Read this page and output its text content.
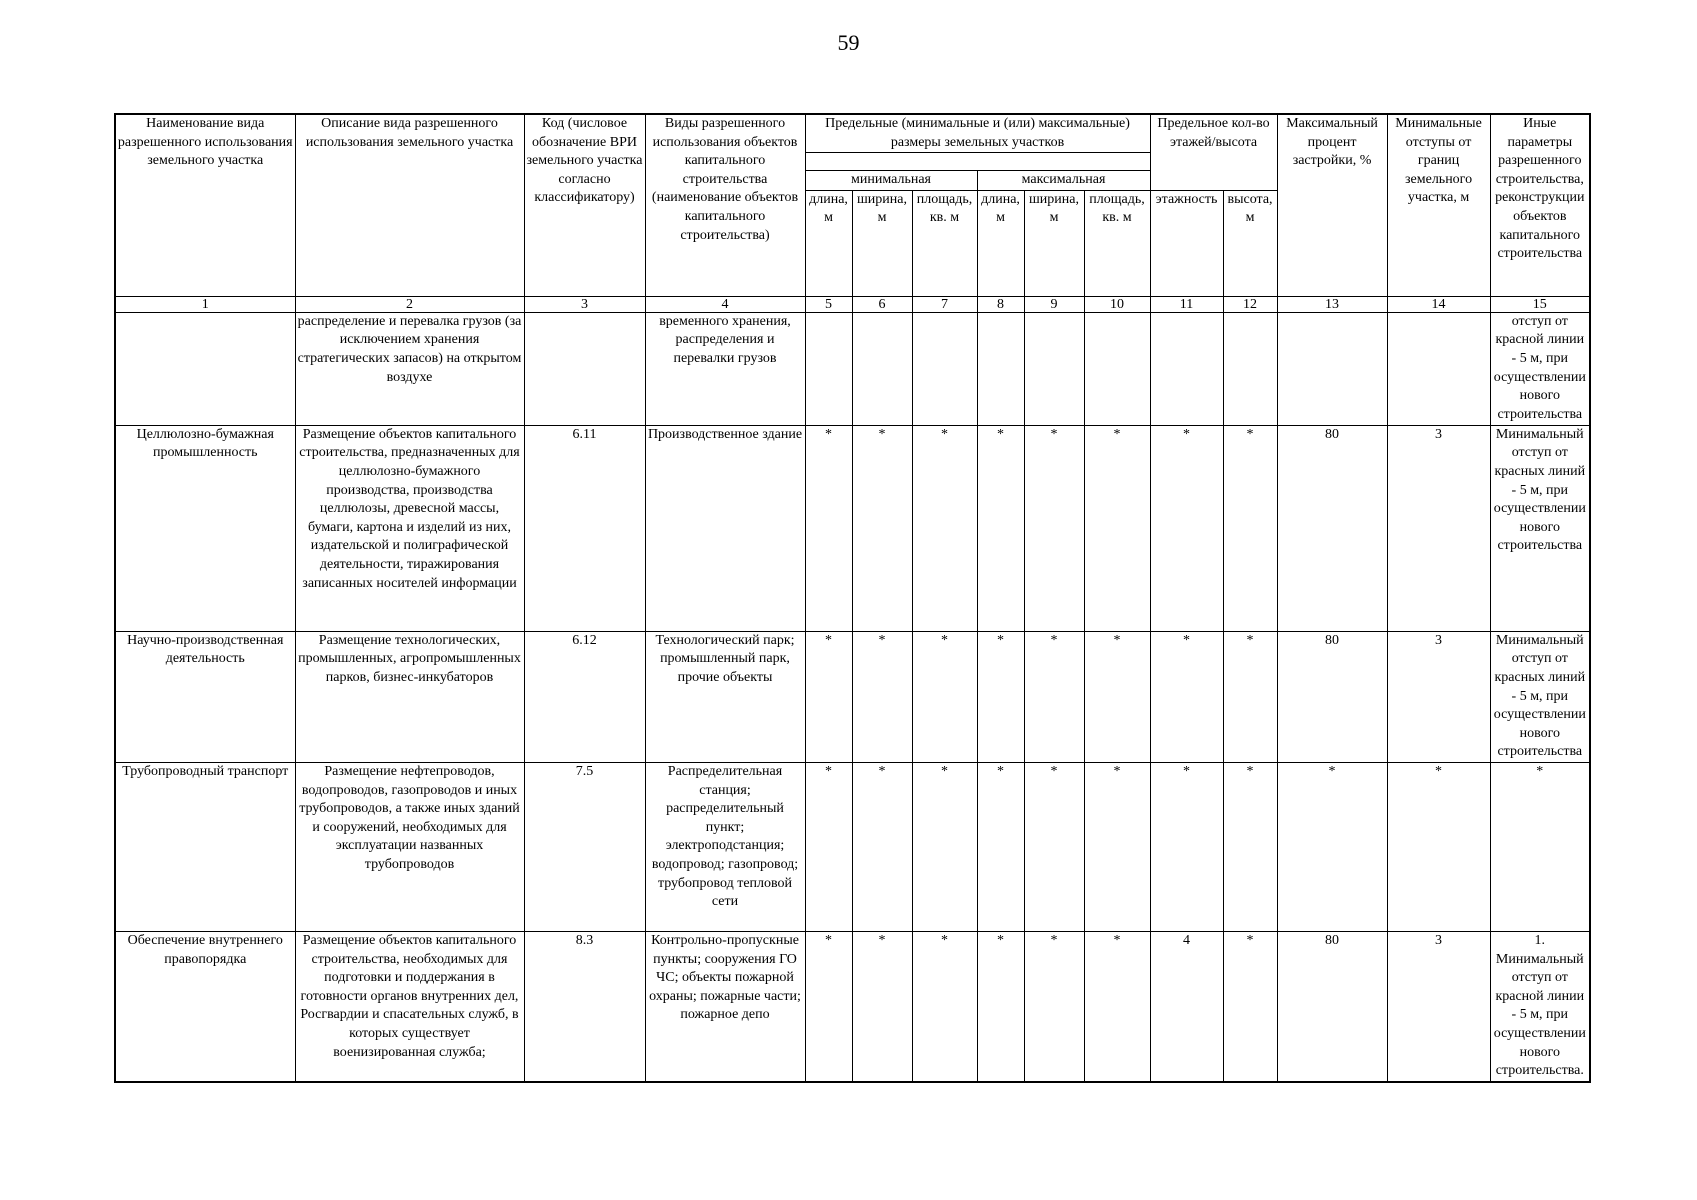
59
Наименование вида разрешенного использования земельного участка	Описание вида разрешенного использования земельного участка	Код (числовое обозначение ВРИ земельного участка согласно классификатору)	Виды разрешенного использования объектов капитального строительства (наименование объектов капитального строительства)	Предельные (минимальные и (или) максимальные) размеры земельных участков						Предельное кол-во этажей/высота		Максимальный процент застройки, %	Минимальные отступы от границ земельного участка, м	Иные параметры разрешенного строительства, реконструкции объектов капитального строительства

				минимальная			максимальная							
				длина, м	ширина, м	площадь, кв. м	длина, м	ширина, м	площадь, кв. м	этажность	высота, м			
1	2	3	4	5	6	7	8	9	10	11	12	13	14	15
	распределение и перевалка грузов (за исключением хранения стратегических запасов) на открытом воздухе		временного хранения, распределения и перевалки грузов											отступ от красной линии - 5 м, при осуществлении нового строительства
Целлюлозно-бумажная промышленность	Размещение объектов капитального строительства, предназначенных для целлюлозно-бумажного производства, производства целлюлозы, древесной массы, бумаги, картона и изделий из них, издательской и полиграфической деятельности, тиражирования записанных носителей информации	6.11	Производственное здание	*	*	*	*	*	*	*	*	80	3	Минимальный отступ от красных линий - 5 м, при осуществлении нового строительства
Научно-производственная деятельность	Размещение технологических, промышленных, агропромышленных парков, бизнес-инкубаторов	6.12	Технологический парк; промышленный парк, прочие объекты	*	*	*	*	*	*	*	*	80	3	Минимальный отступ от красных линий - 5 м, при осуществлении нового строительства
Трубопроводный транспорт	Размещение нефтепроводов, водопроводов, газопроводов и иных трубопроводов, а также иных зданий и сооружений, необходимых для эксплуатации названных трубопроводов	7.5	Распределительная станция; распределительный пункт; электроподстанция; водопровод; газопровод; трубопровод тепловой сети	*	*	*	*	*	*	*	*	*	*	*
Обеспечение внутреннего правопорядка	Размещение объектов капитального строительства, необходимых для подготовки и поддержания в готовности органов внутренних дел, Росгвардии и спасательных служб, в которых существует военизированная служба;	8.3	Контрольно-пропускные пункты; сооружения ГО ЧС; объекты пожарной охраны; пожарные части; пожарное депо	*	*	*	*	*	*	4	*	80	3	1. Минимальный отступ от красной линии - 5 м, при осуществлении нового строительства.
